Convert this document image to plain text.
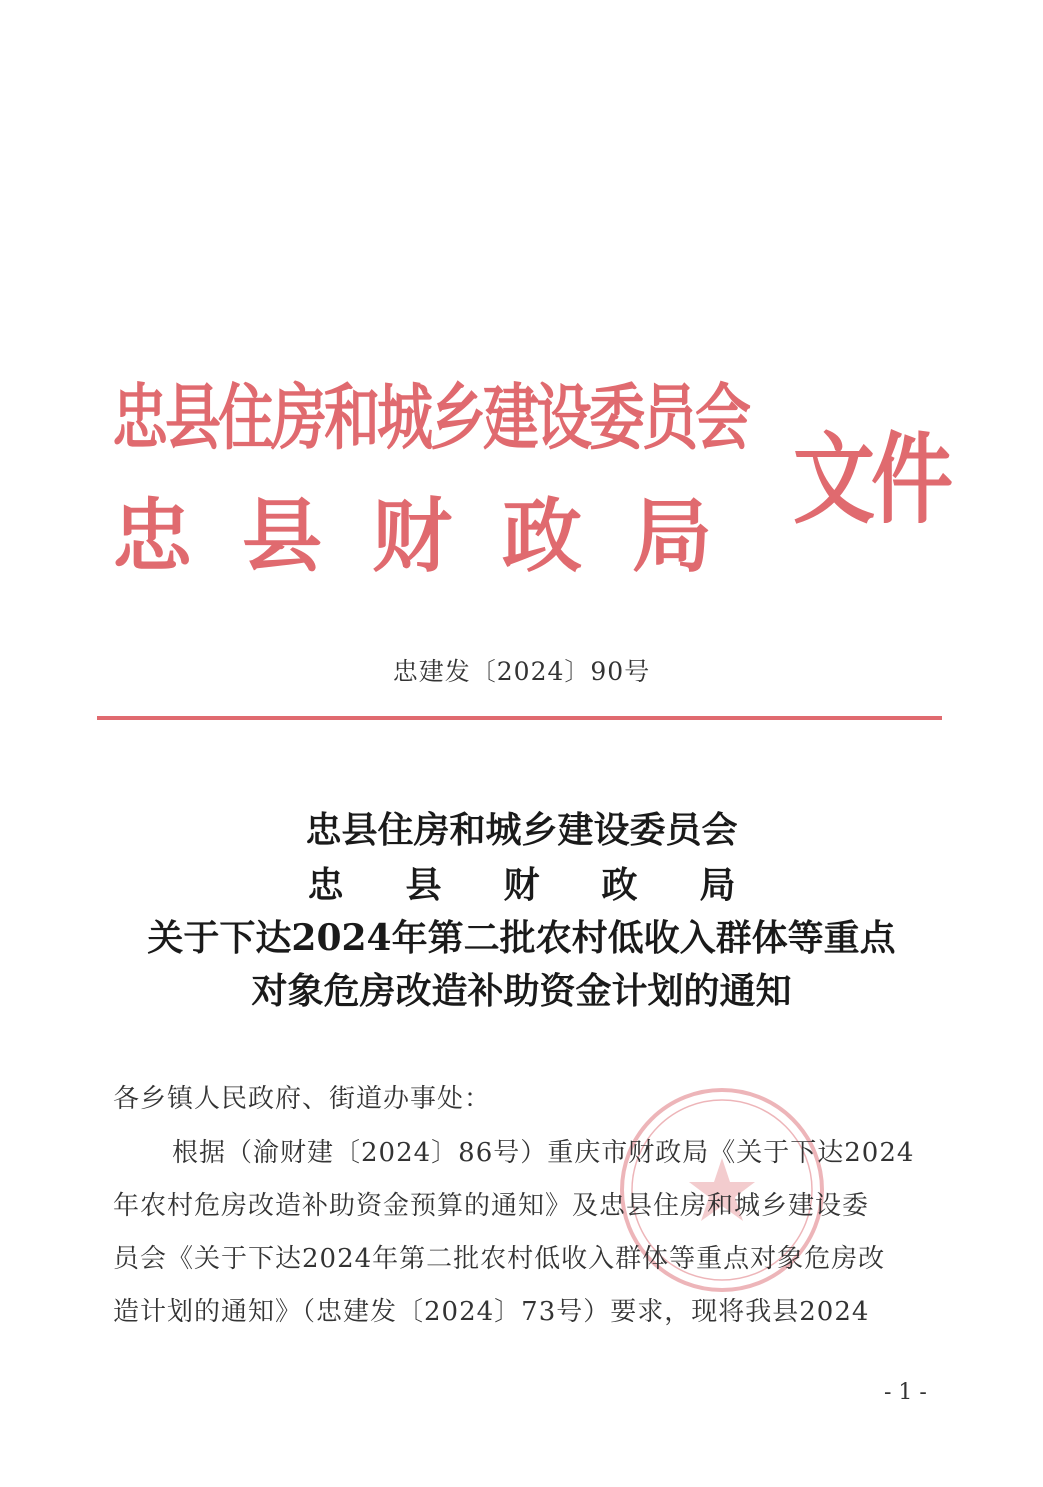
忠县住房和城乡建设委员会
忠县财政局 文件
忠建发〔2024〕90号
忠县住房和城乡建设委员会
忠县财政局
关于下达2024年第二批农村低收入群体等重点
对象危房改造补助资金计划的通知
各乡镇人民政府、街道办事处：
根据（渝财建〔2024〕86号）重庆市财政局《关于下达2024
年农村危房改造补助资金预算的通知》及忠县住房和城乡建设委
员会《关于下达2024年第二批农村低收入群体等重点对象危房改
造计划的通知》（忠建发〔2024〕73号）要求，现将我县2024
- 1 -
